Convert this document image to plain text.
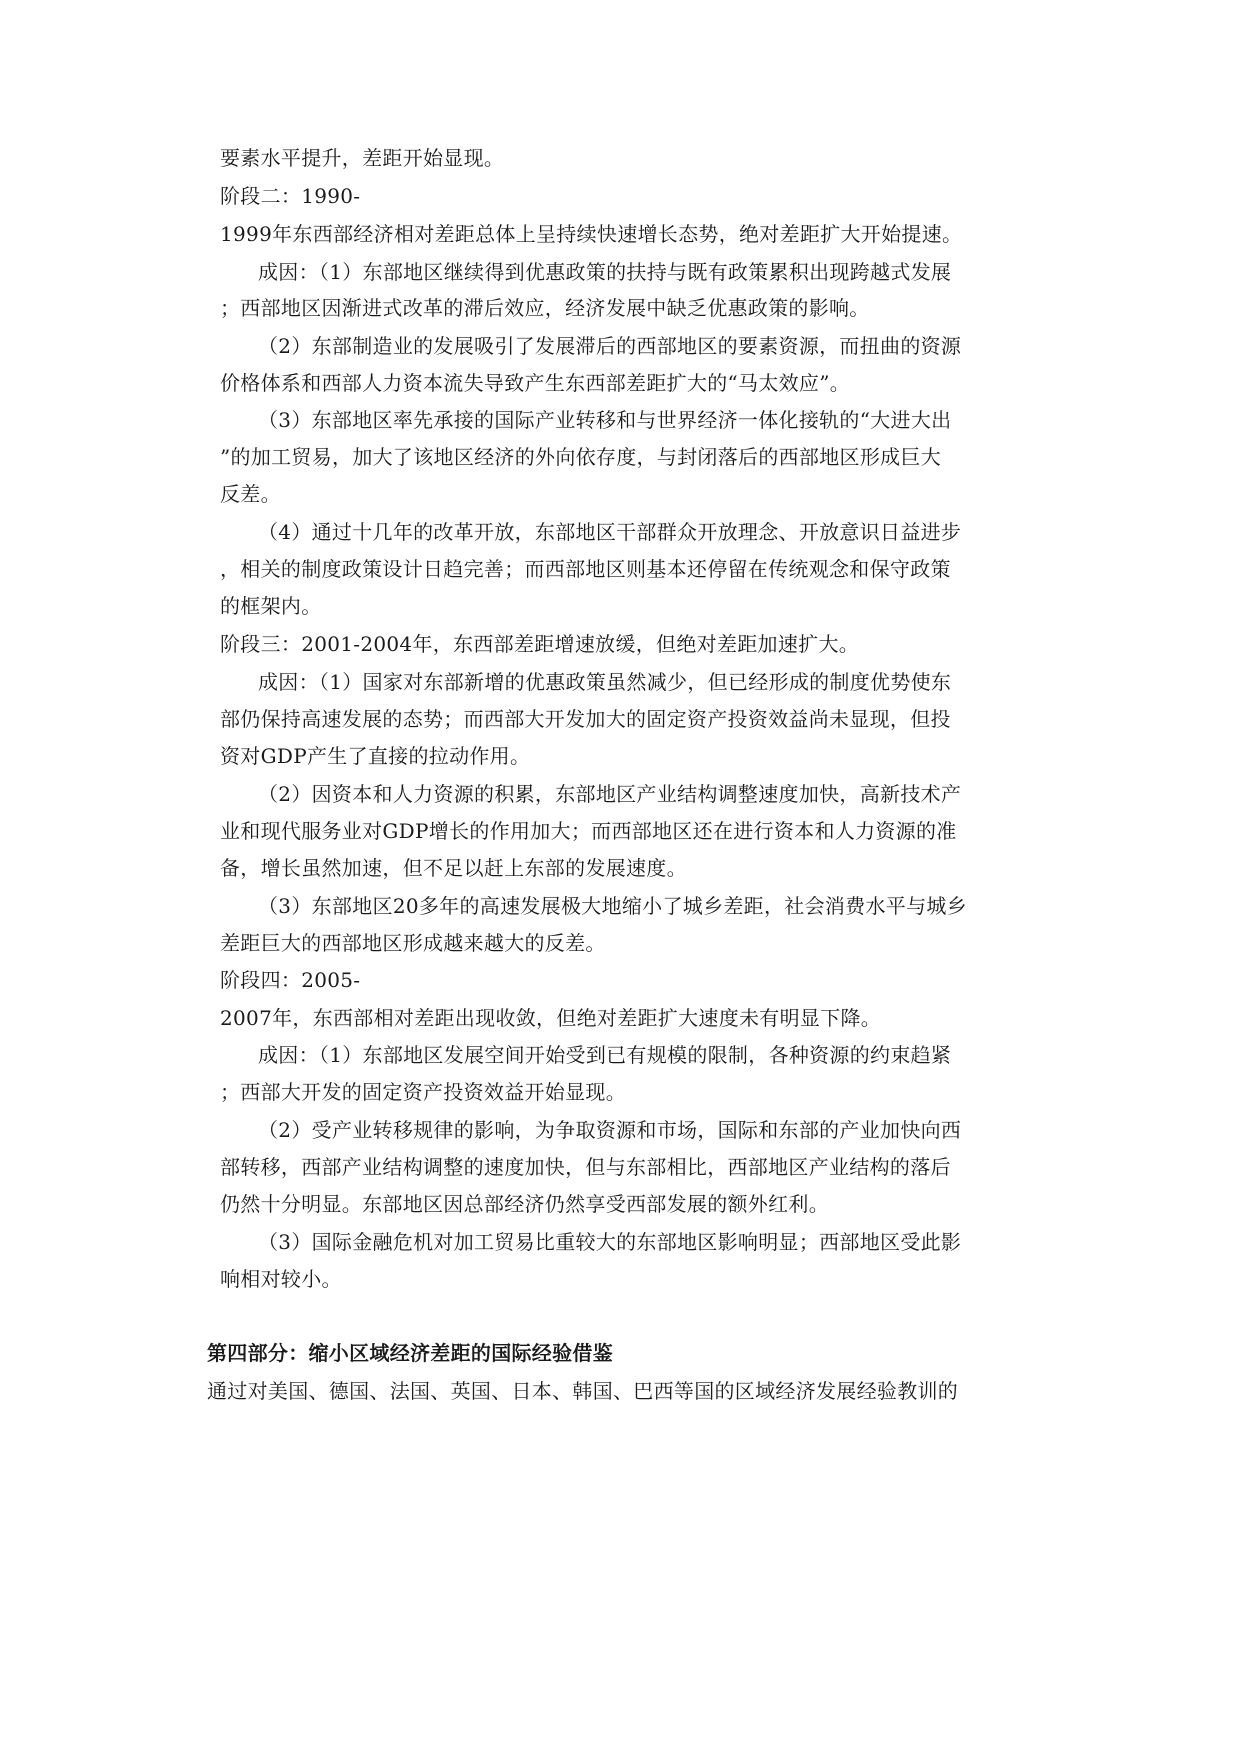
要素水平提升，差距开始显现。
阶段二：1990-
1999年东西部经济相对差距总体上呈持续快速增长态势，绝对差距扩大开始提速。
成因：（1）东部地区继续得到优惠政策的扶持与既有政策累积出现跨越式发展
；西部地区因渐进式改革的滞后效应，经济发展中缺乏优惠政策的影响。
（2）东部制造业的发展吸引了发展滞后的西部地区的要素资源，而扭曲的资源
价格体系和西部人力资本流失导致产生东西部差距扩大的“马太效应”。
（3）东部地区率先承接的国际产业转移和与世界经济一体化接轨的“大进大出
”的加工贸易，加大了该地区经济的外向依存度，与封闭落后的西部地区形成巨大
反差。
（4）通过十几年的改革开放，东部地区干部群众开放理念、开放意识日益进步
，相关的制度政策设计日趋完善；而西部地区则基本还停留在传统观念和保守政策
的框架内。
阶段三：2001-2004年，东西部差距增速放缓，但绝对差距加速扩大。
成因：（1）国家对东部新增的优惠政策虽然减少，但已经形成的制度优势使东
部仍保持高速发展的态势；而西部大开发加大的固定资产投资效益尚未显现，但投
资对GDP产生了直接的拉动作用。
（2）因资本和人力资源的积累，东部地区产业结构调整速度加快，高新技术产
业和现代服务业对GDP增长的作用加大；而西部地区还在进行资本和人力资源的准
备，增长虽然加速，但不足以赶上东部的发展速度。
（3）东部地区20多年的高速发展极大地缩小了城乡差距，社会消费水平与城乡
差距巨大的西部地区形成越来越大的反差。
阶段四：2005-
2007年，东西部相对差距出现收敛，但绝对差距扩大速度未有明显下降。
成因：（1）东部地区发展空间开始受到已有规模的限制，各种资源的约束趋紧
；西部大开发的固定资产投资效益开始显现。
（2）受产业转移规律的影响，为争取资源和市场，国际和东部的产业加快向西
部转移，西部产业结构调整的速度加快，但与东部相比，西部地区产业结构的落后
仍然十分明显。东部地区因总部经济仍然享受西部发展的额外红利。
（3）国际金融危机对加工贸易比重较大的东部地区影响明显；西部地区受此影
响相对较小。
第四部分：缩小区域经济差距的国际经验借鉴
通过对美国、德国、法国、英国、日本、韩国、巴西等国的区域经济发展经验教训的
